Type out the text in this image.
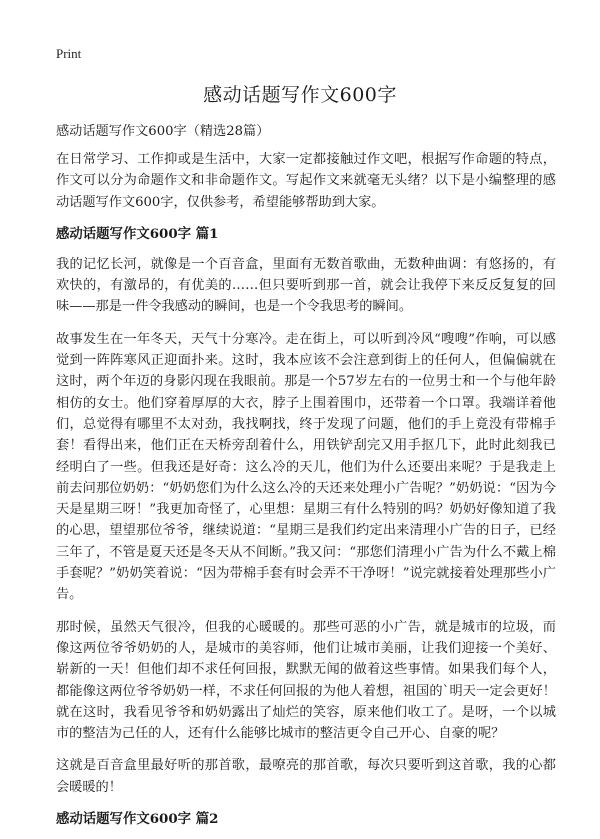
Print
感动话题写作文600字

感动话题写作文600字（精选28篇）

在日常学习、工作抑或是生活中，大家一定都接触过作文吧，根据写作命题的特点，作文可以分为命题作文和非命题作文。写起作文来就毫无头绪？以下是小编整理的感动话题写作文600字，仅供参考，希望能够帮助到大家。

感动话题写作文600字 篇1

我的记忆长河，就像是一个百音盒，里面有无数首歌曲，无数种曲调：有悠扬的，有欢快的，有激昂的，有优美的……但只要听到那一首，就会让我停下来反反复复的回味——那是一件令我感动的瞬间，也是一个令我思考的瞬间。

故事发生在一年冬天，天气十分寒冷。走在街上，可以听到冷风“嗖嗖”作响，可以感觉到一阵阵寒风正迎面扑来。这时，我本应该不会注意到街上的任何人，但偏偏就在这时，两个年迈的身影闪现在我眼前。那是一个57岁左右的一位男士和一个与他年龄相仿的女士。他们穿着厚厚的大衣，脖子上围着围巾，还带着一个口罩。我端详着他们，总觉得有哪里不太对劲，我找啊找，终于发现了问题，他们的手上竟没有带棉手套！看得出来，他们正在天桥旁刮着什么，用铁铲刮完又用手抠几下，此时此刻我已经明白了一些。但我还是好奇：这么冷的天儿，他们为什么还要出来呢？于是我走上前去问那位奶奶：“奶奶您们为什么这么冷的天还来处理小广告呢？”奶奶说：“因为今天是星期三呀！”我更加奇怪了，心里想：星期三有什么特别的吗？奶奶好像知道了我的心思，望望那位爷爷，继续说道：“星期三是我们约定出来清理小广告的日子，已经三年了，不管是夏天还是冬天从不间断。”我又问：“那您们清理小广告为什么不戴上棉手套呢？”奶奶笑着说：“因为带棉手套有时会弄不干净呀！”说完就接着处理那些小广告。

那时候，虽然天气很冷，但我的心暖暖的。那些可恶的小广告，就是城市的垃圾，而像这两位爷爷奶奶的人，是城市的美容师，他们让城市美丽，让我们迎接一个美好、崭新的一天！但他们却不求任何回报，默默无闻的做着这些事情。如果我们每个人，都能像这两位爷爷奶奶一样，不求任何回报的为他人着想，祖国的`明天一定会更好！就在这时，我看见爷爷和奶奶露出了灿烂的笑容，原来他们收工了。是呀，一个以城市的整洁为己任的人，还有什么能够比城市的整洁更令自己开心、自豪的呢？

这就是百音盒里最好听的那首歌，最嘹亮的那首歌，每次只要听到这首歌，我的心都会暖暖的！

感动话题写作文600字 篇2
